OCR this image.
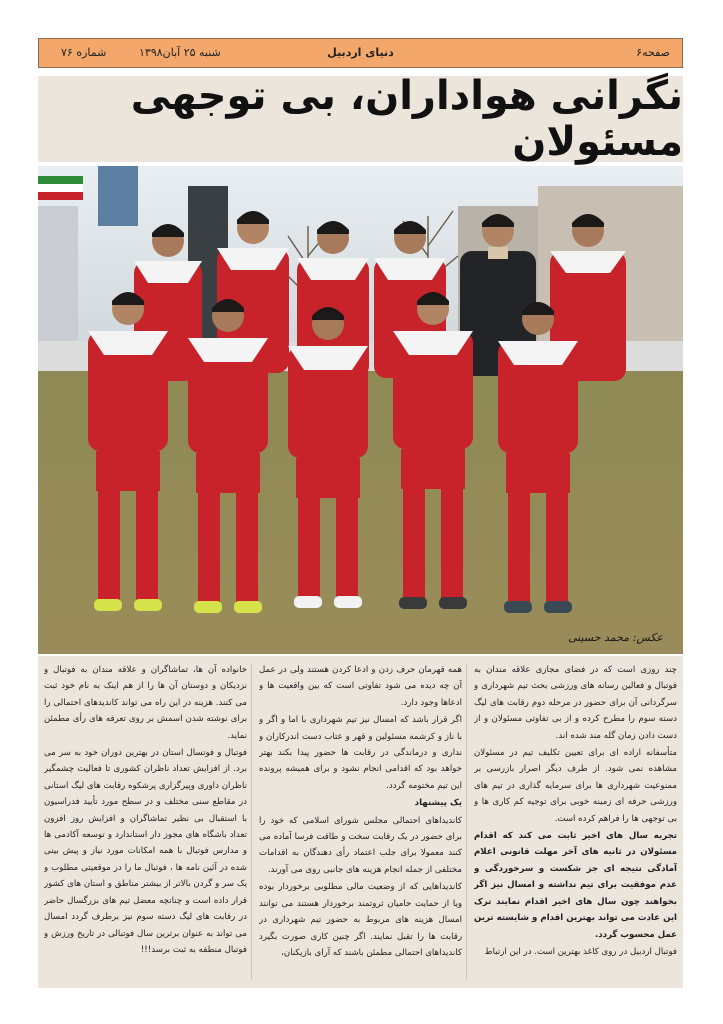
صفحه۶
دنیای اردبیل
شنبه ۲۵ آبان۱۳۹۸
شماره ۷۶
نگرانی هواداران، بی توجهی مسئولان
عکس: محمد حسینی

چند روزی است که در فضای مجازی علاقه مندان به فوتبال و فعالین رسانه های ورزشی بحث تیم شهرداری و سرگردانی آن برای حضور در مرحله دوم رقابت های لیگ دسته سوم را مطرح کرده و از بی تفاوتی مسئولان و از دست دادن زمان گله مند شده اند.

متأسفانه اراده ای برای تعیین تکلیف تیم در مسئولان مشاهده نمی شود. از طرف دیگر اصرار بازرسی بر ممنوعیت شهرداری ها برای سرمایه گذاری در تیم های ورزشی حرفه ای زمینه خوبی برای توجیه کم کاری ها و بی توجهی ها را فراهم کرده است.

تجربه سال های اخیر ثابت می کند که اقدام مسئولان در ثانیه های آخر مهلت قانونی اعلام آمادگی نتیجه ای جز شکست و سرخوردگی و عدم موفقیت برای تیم نداشته و امسال نیز اگر بخواهند چون سال های اخیر اقدام نمایند ترک این عادت می تواند بهترین اقدام و شایسته ترین عمل محسوب گردد.

فوتبال اردبیل در روی کاغذ بهترین است. در این ارتباط

همه قهرمان حرف زدن و ادعا کردن هستند ولی در عمل آن چه دیده می شود تفاوتی است که بین واقعیت ها و ادعاها وجود دارد.

اگر قرار باشد که امسال نیز تیم شهرداری با اما و اگر و با ناز و کرشمه مسئولین و قهر و عتاب دست اندرکاران و نداری و درماندگی در رقابت ها حضور پیدا بکند بهتر خواهد بود که اقدامی انجام نشود و برای همیشه پرونده این تیم مختومه گردد.

یک پیشنهاد

کاندیداهای احتمالی مجلس شورای اسلامی که خود را برای حضور در یک رقابت سخت و طاقت فرسا آماده می کنند معمولا برای جلب اعتماد رأی دهندگان به اقدامات مختلفی از جمله انجام هزینه های جانبی روی می آورند.

کاندیداهایی که از وضعیت مالی مطلوبی برخوردار بوده ویا از حمایت حامیان ثروتمند برخوردار هستند می توانند امسال هزینه های مربوط به حضور تیم شهرداری در رقابت ها را تقبل نمایند. اگر چنین کاری صورت بگیرد کاندیداهای احتمالی مطمئن باشند که آرای بازیکنان،

خانواده آن ها، تماشاگران و علاقه مندان به فوتبال و نزدیکان و دوستان آن ها را از هم اینک به نام خود ثبت می کنند. هزینه در این راه می تواند کاندیدهای احتمالی را برای نوشته شدن اسمش بر روی تعرفه های رأی مطمئن نماید.

فوتبال و فوتسال استان در بهترین دوران خود به سر می برد. از افزایش تعداد ناظران کشوری تا فعالیت چشمگیر ناظران داوری وپیرگزاری پرشکوه رقابت های لیگ استانی در مقاطع سنی مختلف و در سطح مورد تأیید فدراسیون با استقبال بی نظیر تماشاگران و افزایش روز افزون تعداد باشگاه های مجوز دار استاندارد و توسعه آکادمی ها و مدارس فوتبال با همه امکانات مورد نیاز و پیش بینی شده در آئین نامه ها ، فوتبال ما را در موقعیتی مطلوب و یک سر و گردن بالاتر از بیشتر مناطق و استان های کشور قرار داده است و چنانچه معضل تیم های بزرگسال حاضر در رقابت های لیگ دسته سوم نیز برطرف گردد امسال می تواند به عنوان برترین سال فوتبالی در تاریخ ورزش و فوتبال منطقه به ثبت برسد!!!
